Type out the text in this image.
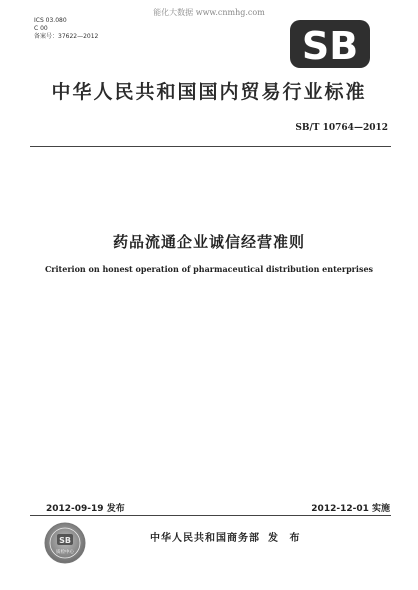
能化大数据 www.cnmhg.com
ICS 03.080
C 00
备案号：37622—2012	SB
中华人民共和国国内贸易行业标准
SB/T 10764—2012
药品流通企业诚信经营准则
Criterion on honest operation of pharmaceutical distribution enterprises
2012-09-19 发布	2012-12-01 实施
SB
质检中心
中华人民共和国商务部 发 布
